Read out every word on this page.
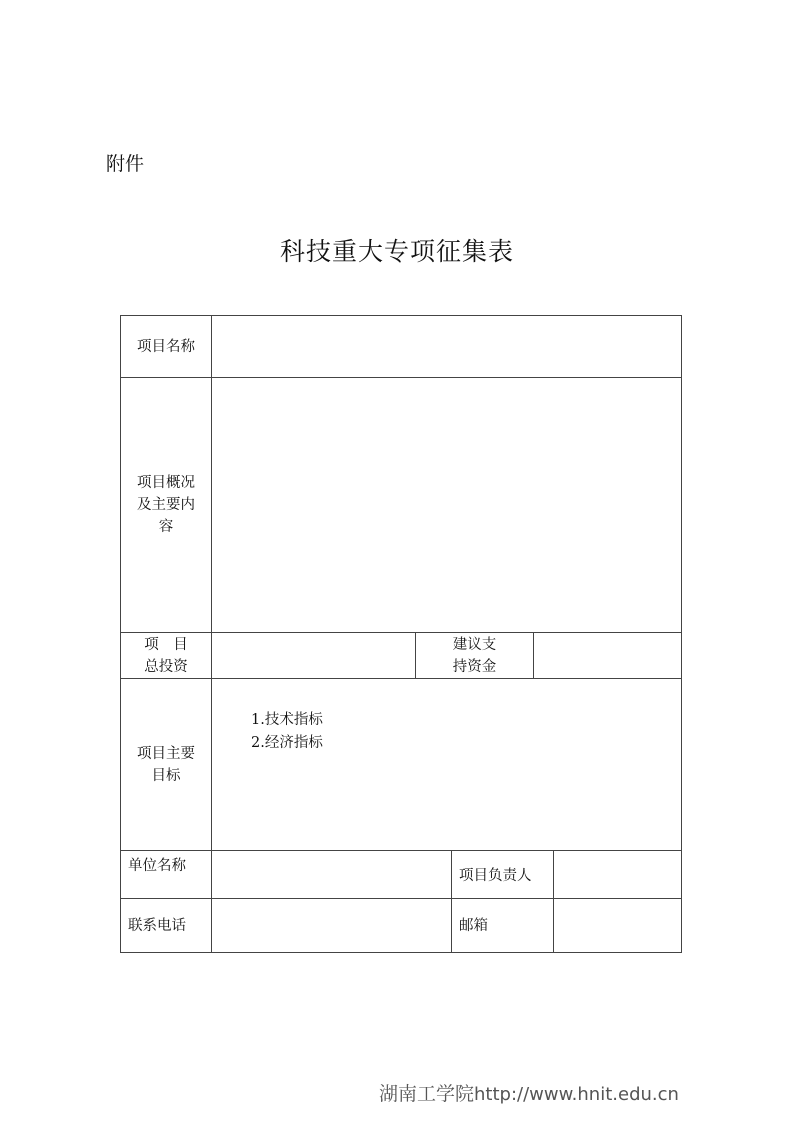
附件
科技重大专项征集表
项目名称
项目概况
及主要内
容
项　目
总投资
建议支
持资金
项目主要
目标
1.技术指标
2.经济指标
单位名称
项目负责人
联系电话	邮箱
湖南工学院http://www.hnit.edu.cn
